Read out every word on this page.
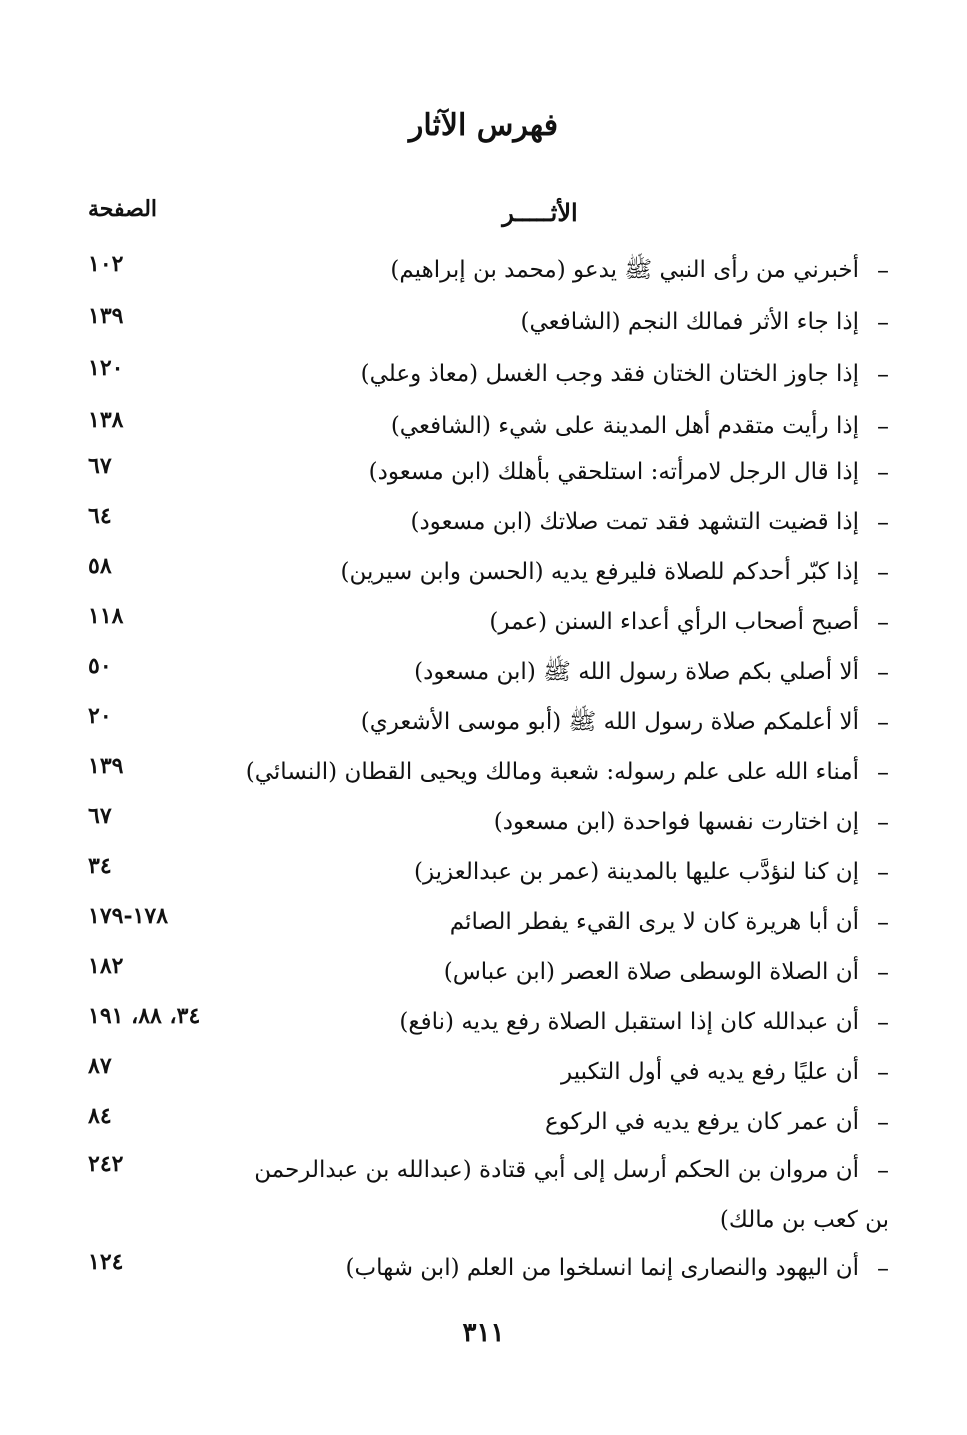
فهرس الآثار
الأثـــــر
الصفحة
–
أخبرني من رأى النبي ﷺ يدعو (محمد بن إبراهيم)
١٠٢
–
إذا جاء الأثر فمالك النجم (الشافعي)
١٣٩
–
إذا جاوز الختان الختان فقد وجب الغسل (معاذ وعلي)
١٢٠
–
إذا رأيت متقدم أهل المدينة على شيء (الشافعي)
١٣٨
–
إذا قال الرجل لامرأته: استلحقي بأهلك (ابن مسعود)
٦٧
–
إذا قضيت التشهد فقد تمت صلاتك (ابن مسعود)
٦٤
–
إذا كبّر أحدكم للصلاة فليرفع يديه (الحسن وابن سيرين)
٥٨
–
أصبح أصحاب الرأي أعداء السنن (عمر)
١١٨
–
ألا أصلي بكم صلاة رسول الله ﷺ (ابن مسعود)
٥٠
–
ألا أعلمكم صلاة رسول الله ﷺ (أبو موسى الأشعري)
٢٠
–
أمناء الله على علم رسوله: شعبة ومالك ويحيى القطان (النسائي)
١٣٩
–
إن اختارت نفسها فواحدة (ابن مسعود)
٦٧
–
إن كنا لنؤدَّب عليها بالمدينة (عمر بن عبدالعزيز)
٣٤
–
أن أبا هريرة كان لا يرى القيء يفطر الصائم
١٧٨-١٧٩
–
أن الصلاة الوسطى صلاة العصر (ابن عباس)
١٨٢
–
أن عبدالله كان إذا استقبل الصلاة رفع يديه (نافع)
٣٤، ٨٨، ١٩١
–
أن عليًا رفع يديه في أول التكبير
٨٧
–
أن عمر كان يرفع يديه في الركوع
٨٤
–
أن مروان بن الحكم أرسل إلى أبي قتادة (عبدالله بن عبدالرحمن
٢٤٢
بن كعب بن مالك)
–
أن اليهود والنصارى إنما انسلخوا من العلم (ابن شهاب)
١٢٤
٣١١
